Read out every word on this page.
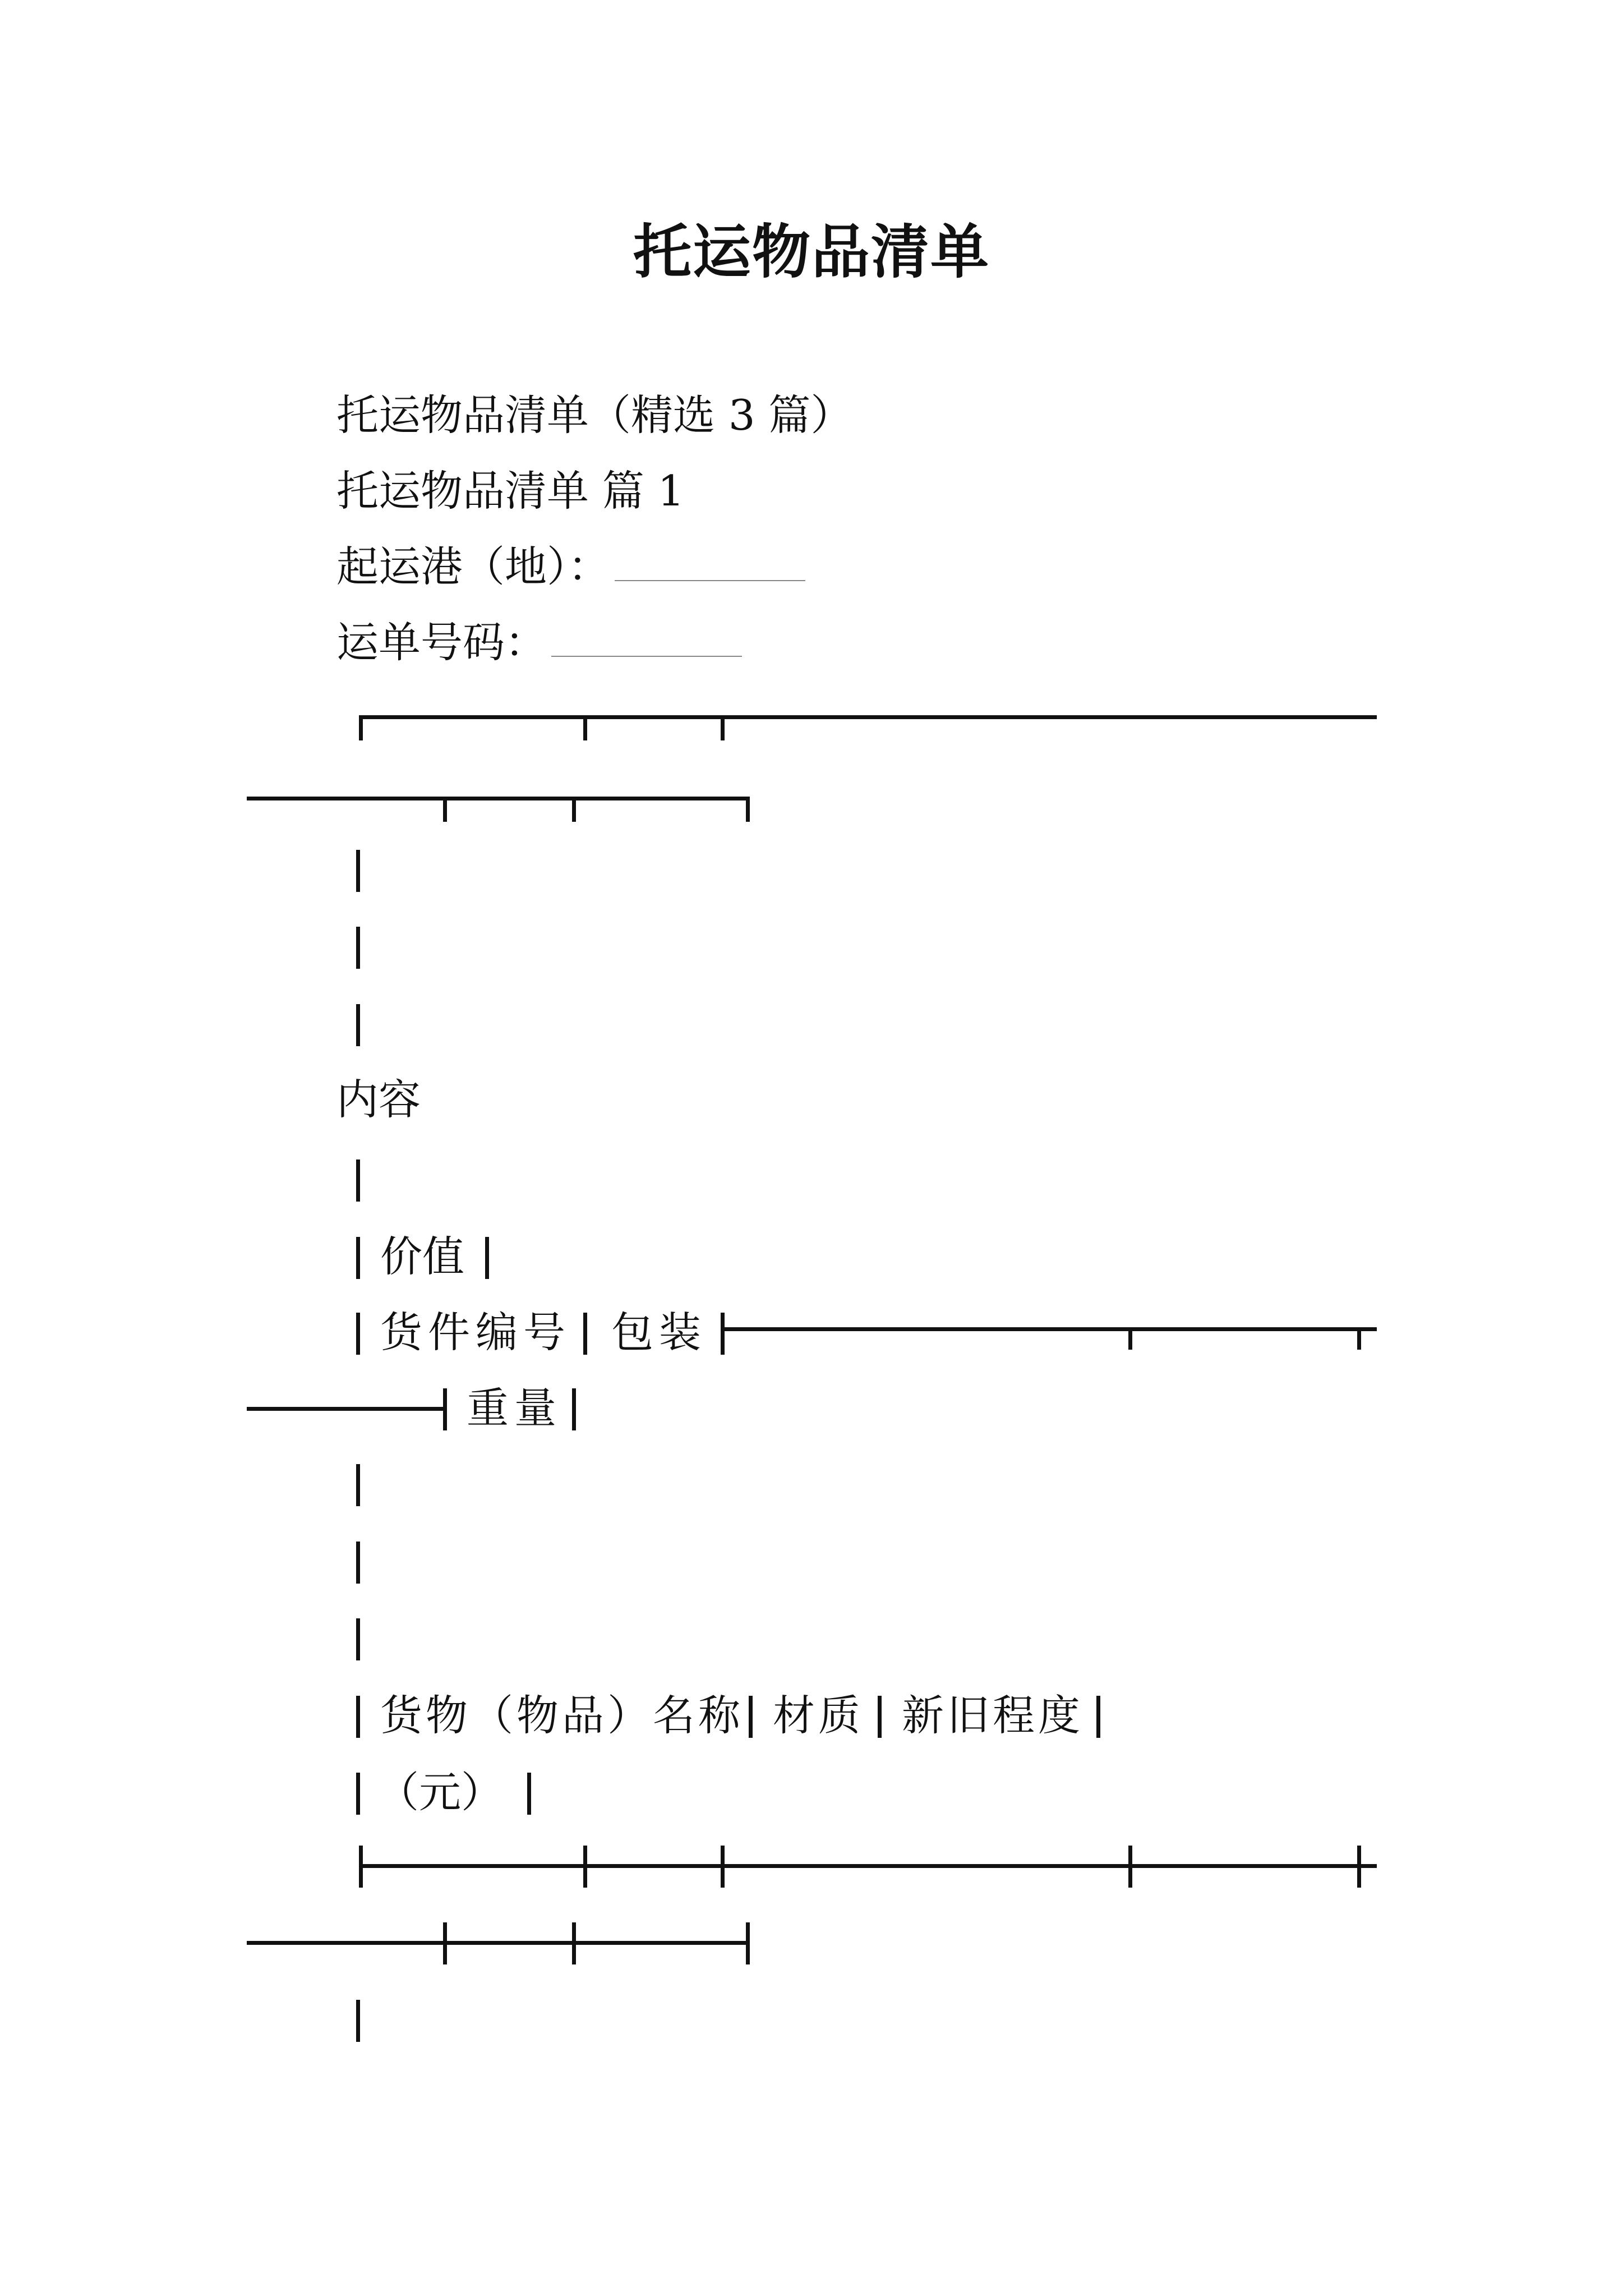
托运物品清单
托运物品清单（精选 3 篇）
托运物品清单 篇 1
起运港（地）：
运单号码：
内容
价值
货件编号 包装
重量
货物（物品）名称 材质 新旧程度
（元）
